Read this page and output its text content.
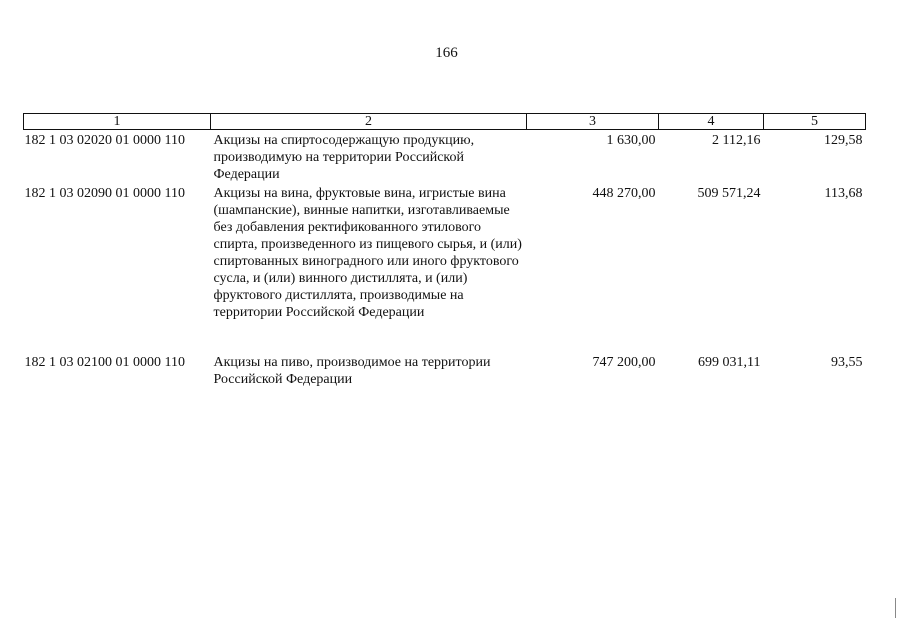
166
1	2	3	4	5
182 1 03 02020 01 0000 110	Акцизы на спиртосодержащую продукцию, производимую на территории Российской Федерации	1 630,00	2 112,16	129,58
182 1 03 02090 01 0000 110	Акцизы на вина, фруктовые вина, игристые вина (шампанские), винные напитки, изготавливаемые без добавления ректификованного этилового спирта, произведенного из пищевого сырья, и (или) спиртованных виноградного или иного фруктового сусла, и (или) винного дистиллята, и (или) фруктового дистиллята, производимые на территории Российской Федерации	448 270,00	509 571,24	113,68
182 1 03 02100 01 0000 110	Акцизы на пиво, производимое на территории Российской Федерации	747 200,00	699 031,11	93,55
